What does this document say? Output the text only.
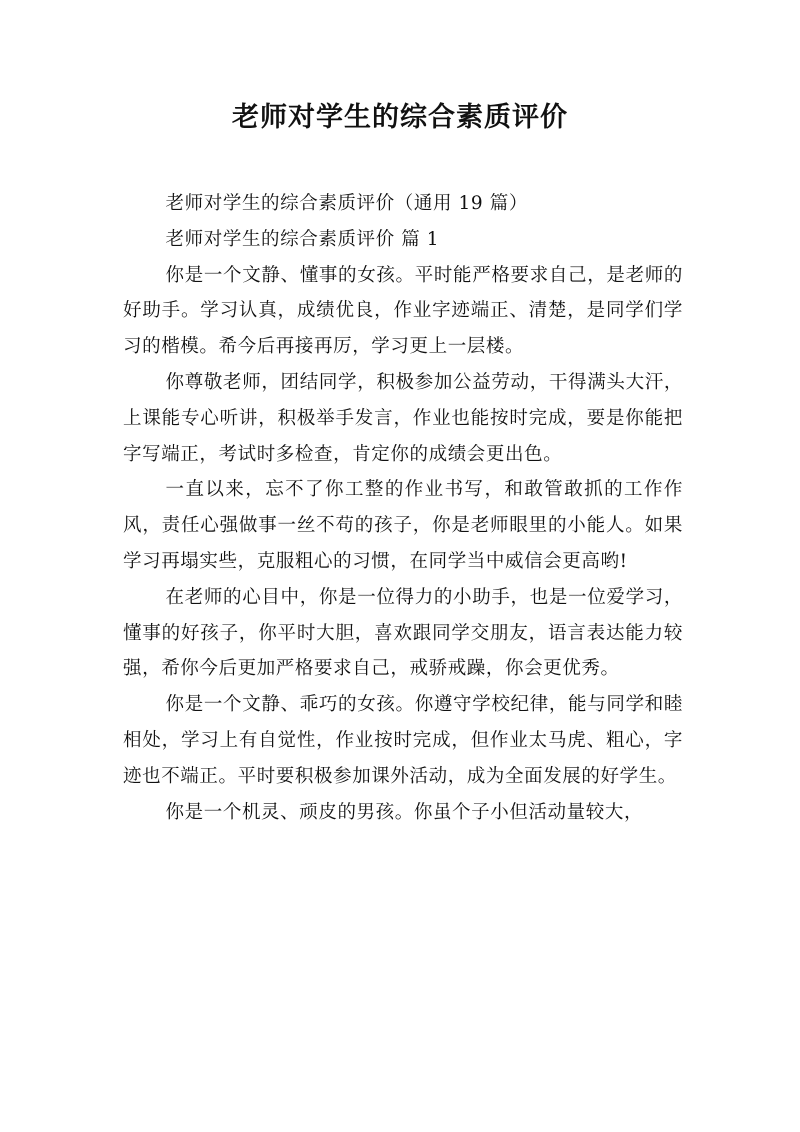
老师对学生的综合素质评价

老师对学生的综合素质评价（通用 19 篇）

老师对学生的综合素质评价 篇 1

你是一个文静、懂事的女孩。平时能严格要求自己，是老师的好助手。学习认真，成绩优良，作业字迹端正、清楚，是同学们学习的楷模。希今后再接再厉，学习更上一层楼。

你尊敬老师，团结同学，积极参加公益劳动，干得满头大汗，上课能专心听讲，积极举手发言，作业也能按时完成，要是你能把字写端正，考试时多检查，肯定你的成绩会更出色。

一直以来，忘不了你工整的作业书写，和敢管敢抓的工作作风，责任心强做事一丝不苟的孩子，你是老师眼里的小能人。如果学习再塌实些，克服粗心的习惯，在同学当中威信会更高哟!

在老师的心目中，你是一位得力的小助手，也是一位爱学习，懂事的好孩子，你平时大胆，喜欢跟同学交朋友，语言表达能力较强，希你今后更加严格要求自己，戒骄戒躁，你会更优秀。

你是一个文静、乖巧的女孩。你遵守学校纪律，能与同学和睦相处，学习上有自觉性，作业按时完成，但作业太马虎、粗心，字迹也不端正。平时要积极参加课外活动，成为全面发展的好学生。

你是一个机灵、顽皮的男孩。你虽个子小但活动量较大，
